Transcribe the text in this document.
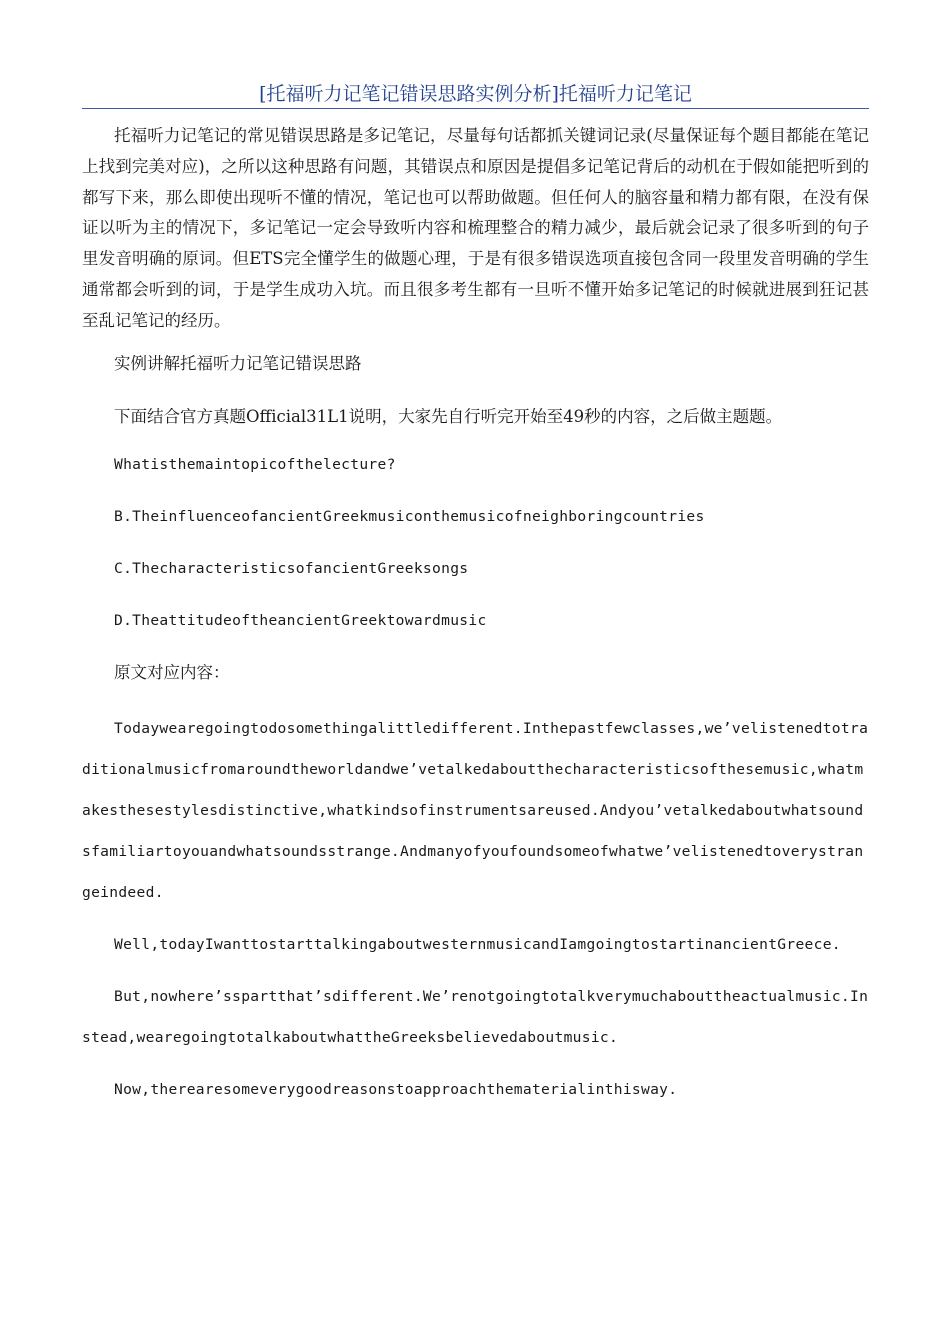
[托福听力记笔记错误思路实例分析]托福听力记笔记

托福听力记笔记的常见错误思路是多记笔记，尽量每句话都抓关键词记录(尽量保证每个题目都能在笔记上找到完美对应)，之所以这种思路有问题，其错误点和原因是提倡多记笔记背后的动机在于假如能把听到的都写下来，那么即使出现听不懂的情况，笔记也可以帮助做题。但任何人的脑容量和精力都有限，在没有保证以听为主的情况下，多记笔记一定会导致听内容和梳理整合的精力减少，最后就会记录了很多听到的句子里发音明确的原词。但ETS完全懂学生的做题心理，于是有很多错误选项直接包含同一段里发音明确的学生通常都会听到的词，于是学生成功入坑。而且很多考生都有一旦听不懂开始多记笔记的时候就进展到狂记甚至乱记笔记的经历。

实例讲解托福听力记笔记错误思路

下面结合官方真题Official31L1说明，大家先自行听完开始至49秒的内容，之后做主题题。

Whatisthemaintopicofthelecture?

B.TheinfluenceofancientGreekmusiconthemusicofneighboringcountries

C.ThecharacteristicsofancientGreeksongs

D.TheattitudeoftheancientGreektowardmusic

原文对应内容：

Todaywearegoingtodosomethingalittledifferent.Inthepastfewclasses,we’velistenedtotraditionalmusicfromaroundtheworldandwe’vetalkedaboutthecharacteristicsofthesemusic,whatmakesthesestylesdistinctive,whatkindsofinstrumentsareused.Andyou’vetalkedaboutwhatsoundsfamiliartoyouandwhatsoundsstrange.Andmanyofyoufoundsomeofwhatwe’velistenedtoverystrangeindeed.

Well,todayIwanttostarttalkingaboutwesternmusicandIamgoingtostartinancientGreece.

But,nowhere’sspartthat’sdifferent.We’renotgoingtotalkverymuchabouttheactualmusic.Instead,wearegoingtotalkaboutwhattheGreeksbelievedaboutmusic.

Now,therearesomeverygoodreasonstoapproachthematerialinthisway.
